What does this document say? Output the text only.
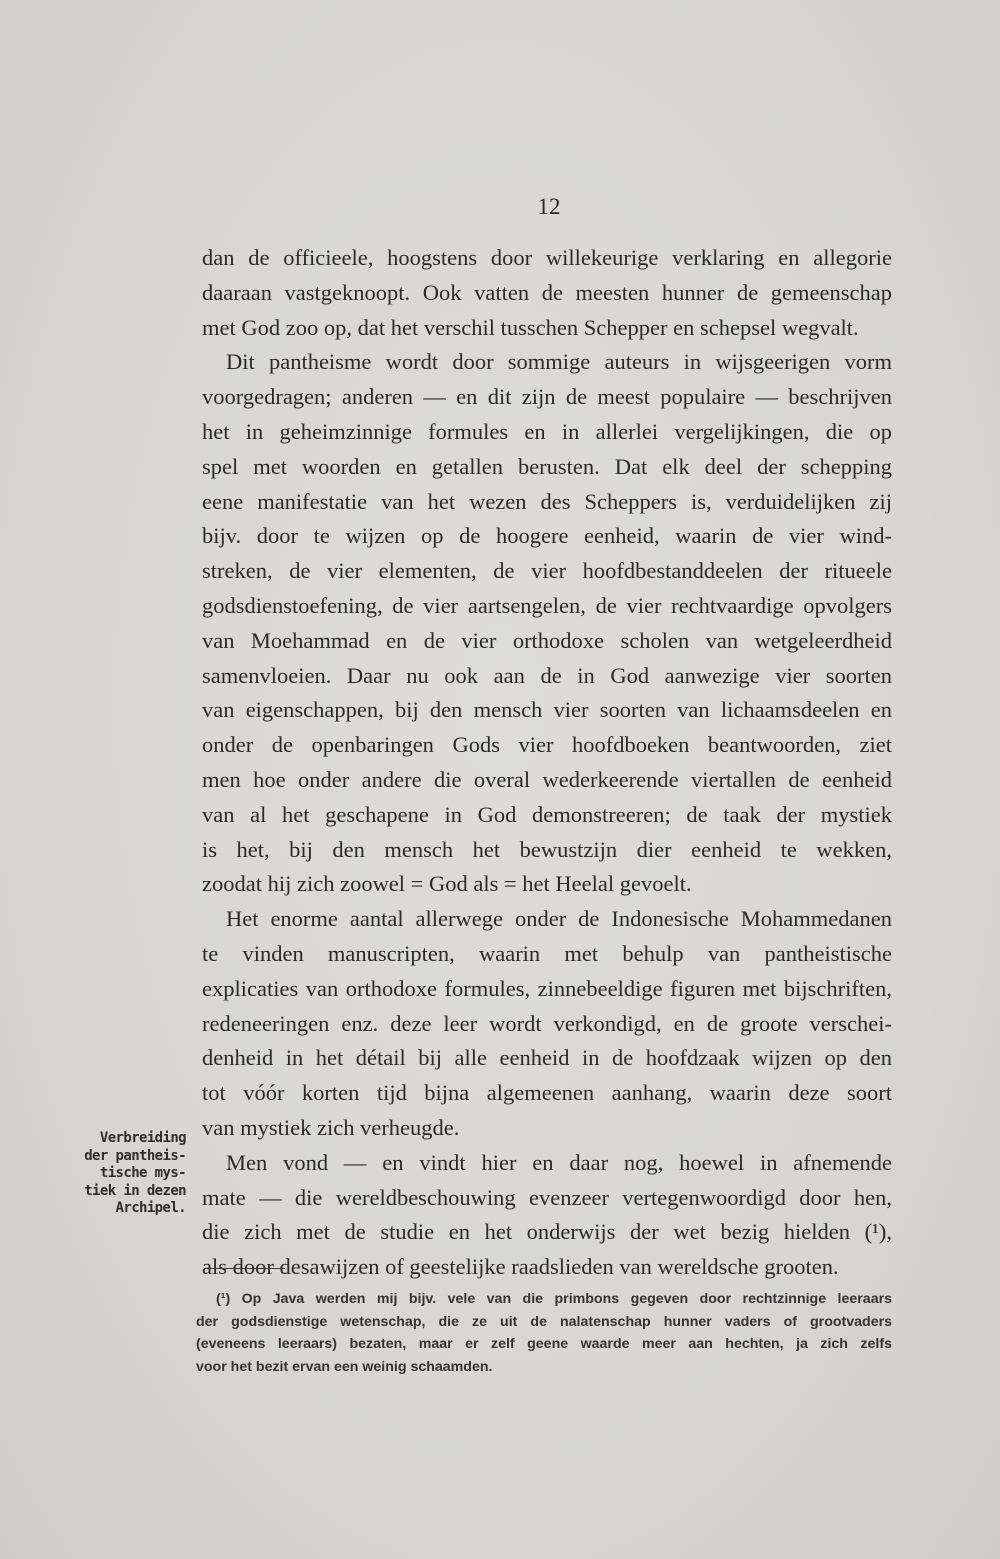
12
dan de officieele, hoogstens door willekeurige verklaring en allegorie
daaraan vastgeknoopt. Ook vatten de meesten hunner de gemeenschap
met God zoo op, dat het verschil tusschen Schepper en schepsel wegvalt.
Dit pantheisme wordt door sommige auteurs in wijsgeerigen vorm
voorgedragen; anderen — en dit zijn de meest populaire — beschrijven
het in geheimzinnige formules en in allerlei vergelijkingen, die op
spel met woorden en getallen berusten. Dat elk deel der schepping
eene manifestatie van het wezen des Scheppers is, verduidelijken zij
bijv. door te wijzen op de hoogere eenheid, waarin de vier wind-
streken, de vier elementen, de vier hoofdbestanddeelen der ritueele
godsdienstoefening, de vier aartsengelen, de vier rechtvaardige opvolgers
van Moehammad en de vier orthodoxe scholen van wetgeleerdheid
samenvloeien. Daar nu ook aan de in God aanwezige vier soorten
van eigenschappen, bij den mensch vier soorten van lichaamsdeelen en
onder de openbaringen Gods vier hoofdboeken beantwoorden, ziet
men hoe onder andere die overal wederkeerende viertallen de eenheid
van al het geschapene in God demonstreeren; de taak der mystiek
is het, bij den mensch het bewustzijn dier eenheid te wekken,
zoodat hij zich zoowel = God als = het Heelal gevoelt.
Het enorme aantal allerwege onder de Indonesische Mohammedanen
te vinden manuscripten, waarin met behulp van pantheistische
explicaties van orthodoxe formules, zinnebeeldige figuren met bijschriften,
redeneeringen enz. deze leer wordt verkondigd, en de groote verschei-
denheid in het détail bij alle eenheid in de hoofdzaak wijzen op den
tot vóór korten tijd bijna algemeenen aanhang, waarin deze soort
van mystiek zich verheugde.
Men vond — en vindt hier en daar nog, hoewel in afnemende
mate — die wereldbeschouwing evenzeer vertegenwoordigd door hen,
die zich met de studie en het onderwijs der wet bezig hielden (¹),
als door desawijzen of geestelijke raadslieden van wereldsche grooten.
Verbreiding
der pantheis-
tische mys-
tiek in dezen
Archipel.
(¹) Op Java werden mij bijv. vele van die primbons gegeven door rechtzinnige leeraars
der godsdienstige wetenschap, die ze uit de nalatenschap hunner vaders of grootvaders
(eveneens leeraars) bezaten, maar er zelf geene waarde meer aan hechten, ja zich zelfs
voor het bezit ervan een weinig schaamden.
